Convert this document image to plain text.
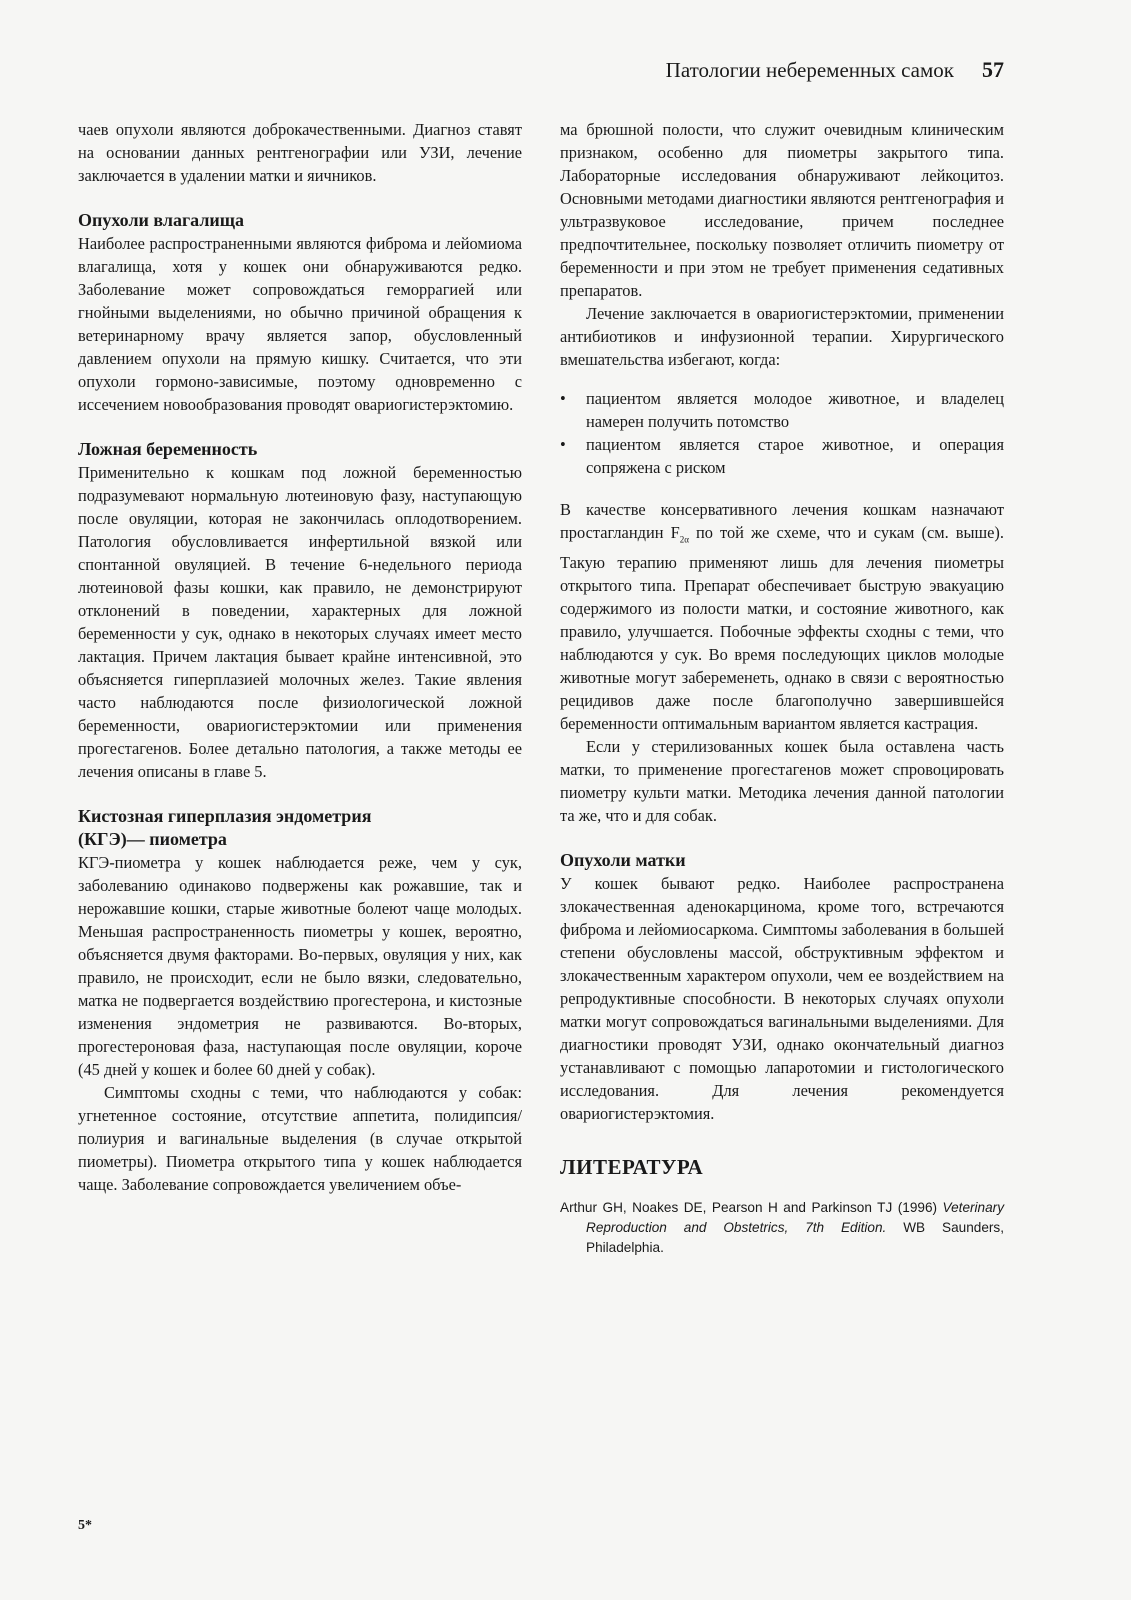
Патологии небеременных самок 57

чаев опухоли являются доброкачественными. Диагноз ставят на основании данных рентгенографии или УЗИ, лечение заключается в удалении матки и яичников.

Опухоли влагалища

Наиболее распространенными являются фиброма и лейомиома влагалища, хотя у кошек они обнаруживаются редко. Заболевание может сопровождаться геморрагией или гнойными выделениями, но обычно причиной обращения к ветеринарному врачу является запор, обусловленный давлением опухоли на прямую кишку. Считается, что эти опухоли гормоно-зависимые, поэтому одновременно с иссечением новообразования проводят овариогистерэктомию.

Ложная беременность

Применительно к кошкам под ложной беременностью подразумевают нормальную лютеиновую фазу, наступающую после овуляции, которая не закончилась оплодотворением. Патология обусловливается инфертильной вязкой или спонтанной овуляцией. В течение 6-недельного периода лютеиновой фазы кошки, как правило, не демонстрируют отклонений в поведении, характерных для ложной беременности у сук, однако в некоторых случаях имеет место лактация. Причем лактация бывает крайне интенсивной, это объясняется гиперплазией молочных желез. Такие явления часто наблюдаются после физиологической ложной беременности, овариогистерэктомии или применения прогестагенов. Более детально патология, а также методы ее лечения описаны в главе 5.

Кистозная гиперплазия эндометрия
(КГЭ)— пиометра

КГЭ-пиометра у кошек наблюдается реже, чем у сук, заболеванию одинаково подвержены как рожавшие, так и нерожавшие кошки, старые животные болеют чаще молодых. Меньшая распространенность пиометры у кошек, вероятно, объясняется двумя факторами. Во-первых, овуляция у них, как правило, не происходит, если не было вязки, следовательно, матка не подвергается воздействию прогестерона, и кистозные изменения эндометрия не развиваются. Во-вторых, прогестероновая фаза, наступающая после овуляции, короче (45 дней у кошек и более 60 дней у собак).

Симптомы сходны с теми, что наблюдаются у собак: угнетенное состояние, отсутствие аппетита, полидипсия/полиурия и вагинальные выделения (в случае открытой пиометры). Пиометра открытого типа у кошек наблюдается чаще. Заболевание сопровождается увеличением объе-

ма брюшной полости, что служит очевидным клиническим признаком, особенно для пиометры закрытого типа. Лабораторные исследования обнаруживают лейкоцитоз. Основными методами диагностики являются рентгенография и ультразвуковое исследование, причем последнее предпочтительнее, поскольку позволяет отличить пиометру от беременности и при этом не требует применения седативных препаратов.

Лечение заключается в овариогистерэктомии, применении антибиотиков и инфузионной терапии. Хирургического вмешательства избегают, когда:

• пациентом является молодое животное, и владелец намерен получить потомство
• пациентом является старое животное, и операция сопряжена с риском

В качестве консервативного лечения кошкам назначают простагландин $F_{2\alpha}$ по той же схеме, что и сукам (см. выше). Такую терапию применяют лишь для лечения пиометры открытого типа. Препарат обеспечивает быструю эвакуацию содержимого из полости матки, и состояние животного, как правило, улучшается. Побочные эффекты сходны с теми, что наблюдаются у сук. Во время последующих циклов молодые животные могут забеременеть, однако в связи с вероятностью рецидивов даже после благополучно завершившейся беременности оптимальным вариантом является кастрация.

Если у стерилизованных кошек была оставлена часть матки, то применение прогестагенов может спровоцировать пиометру культи матки. Методика лечения данной патологии та же, что и для собак.

Опухоли матки

У кошек бывают редко. Наиболее распространена злокачественная аденокарцинома, кроме того, встречаются фиброма и лейомиосаркома. Симптомы заболевания в большей степени обусловлены массой, обструктивным эффектом и злокачественным характером опухоли, чем ее воздействием на репродуктивные способности. В некоторых случаях опухоли матки могут сопровождаться вагинальными выделениями. Для диагностики проводят УЗИ, однако окончательный диагноз устанавливают с помощью лапаротомии и гистологического исследования. Для лечения рекомендуется овариогистерэктомия.

ЛИТЕРАТУРА

Arthur GH, Noakes DE, Pearson H and Parkinson TJ (1996) Veterinary Reproduction and Obstetrics, 7th Edition. WB Saunders, Philadelphia.

5*
